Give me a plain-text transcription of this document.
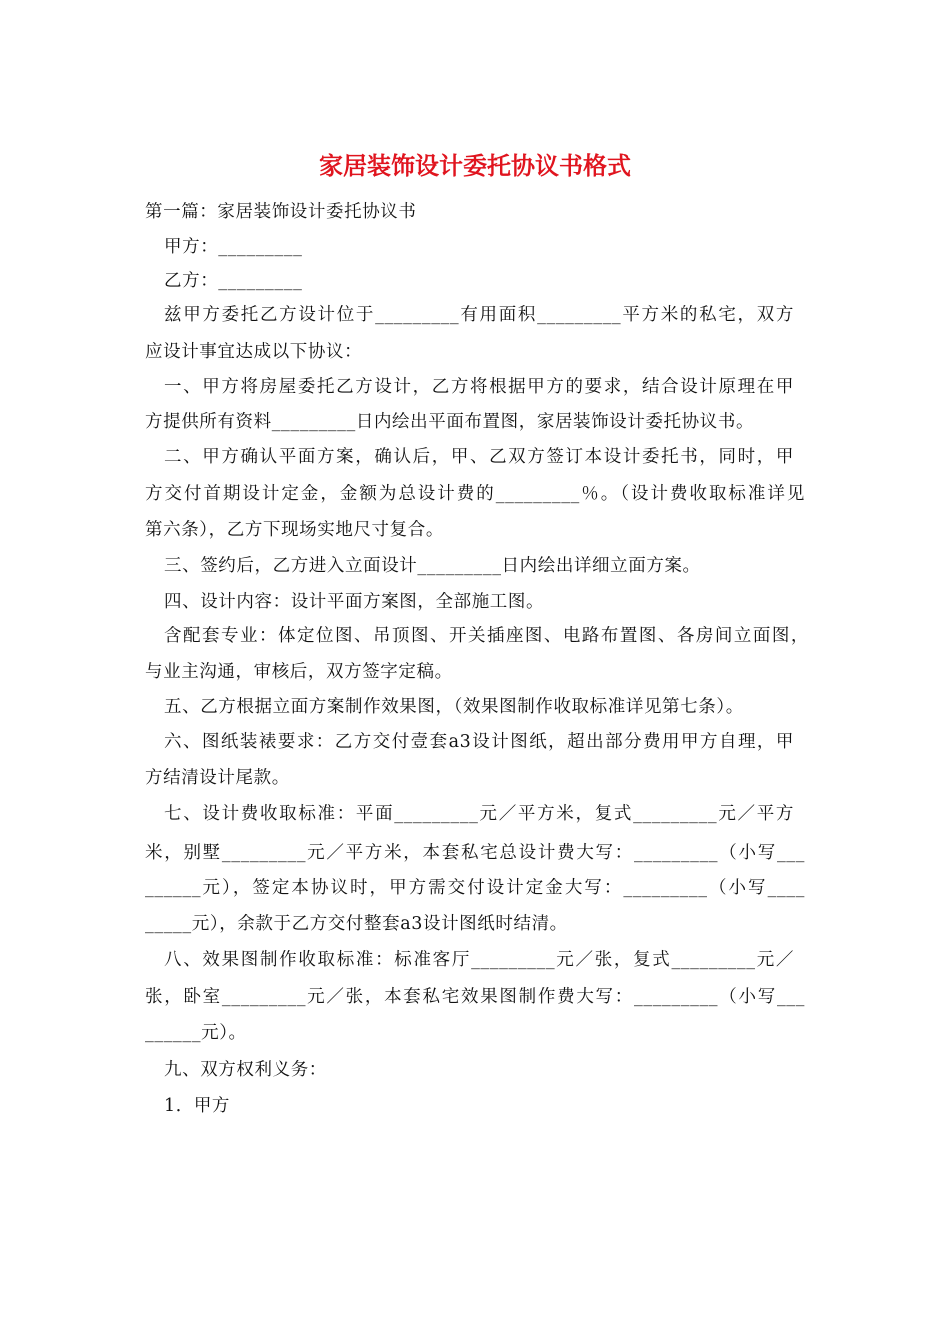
家居装饰设计委托协议书格式
第一篇：家居装饰设计委托协议书
甲方：_________
乙方：_________
兹甲方委托乙方设计位于_________有用面积_________平方米的私宅，双方
应设计事宜达成以下协议：
一、甲方将房屋委托乙方设计，乙方将根据甲方的要求，结合设计原理在甲
方提供所有资料_________日内绘出平面布置图，家居装饰设计委托协议书。
二、甲方确认平面方案，确认后，甲、乙双方签订本设计委托书，同时，甲
方交付首期设计定金，金额为总设计费的_________％。（设计费收取标准详见
第六条），乙方下现场实地尺寸复合。
三、签约后，乙方进入立面设计_________日内绘出详细立面方案。
四、设计内容：设计平面方案图，全部施工图。
含配套专业：体定位图、吊顶图、开关插座图、电路布置图、各房间立面图，
与业主沟通，审核后，双方签字定稿。
五、乙方根据立面方案制作效果图，（效果图制作收取标准详见第七条）。
六、图纸装裱要求：乙方交付壹套a3设计图纸，超出部分费用甲方自理，甲
方结清设计尾款。
七、设计费收取标准：平面_________元／平方米，复式_________元／平方
米，别墅_________元／平方米，本套私宅总设计费大写：_________（小写___
______元），签定本协议时，甲方需交付设计定金大写：_________（小写____
_____元），余款于乙方交付整套a3设计图纸时结清。
八、效果图制作收取标准：标准客厅_________元／张，复式_________元／
张，卧室_________元／张，本套私宅效果图制作费大写：_________（小写___
______元）。
九、双方权利义务：
1．甲方
